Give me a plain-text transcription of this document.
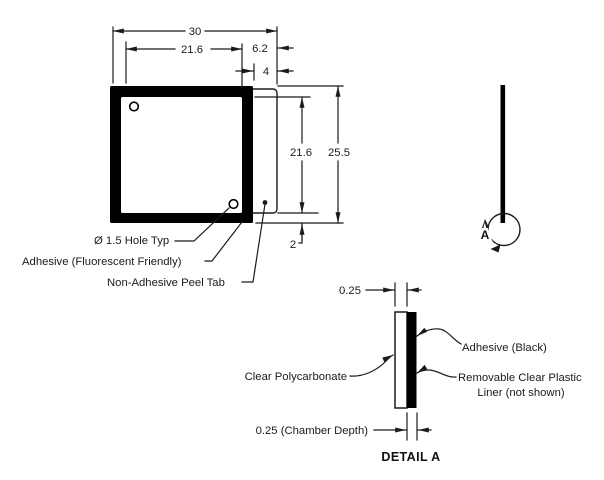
30
21.6	6.2
4
21.6 25.5
2
Ø 1.5 Hole Typ
Adhesive (Fluorescent Friendly)
Non-Adhesive Peel Tab
A
0.25
0.25 (Chamber Depth)
Clear Polycarbonate
Adhesive (Black)
Removable Clear Plastic
Liner (not shown)
DETAIL A
